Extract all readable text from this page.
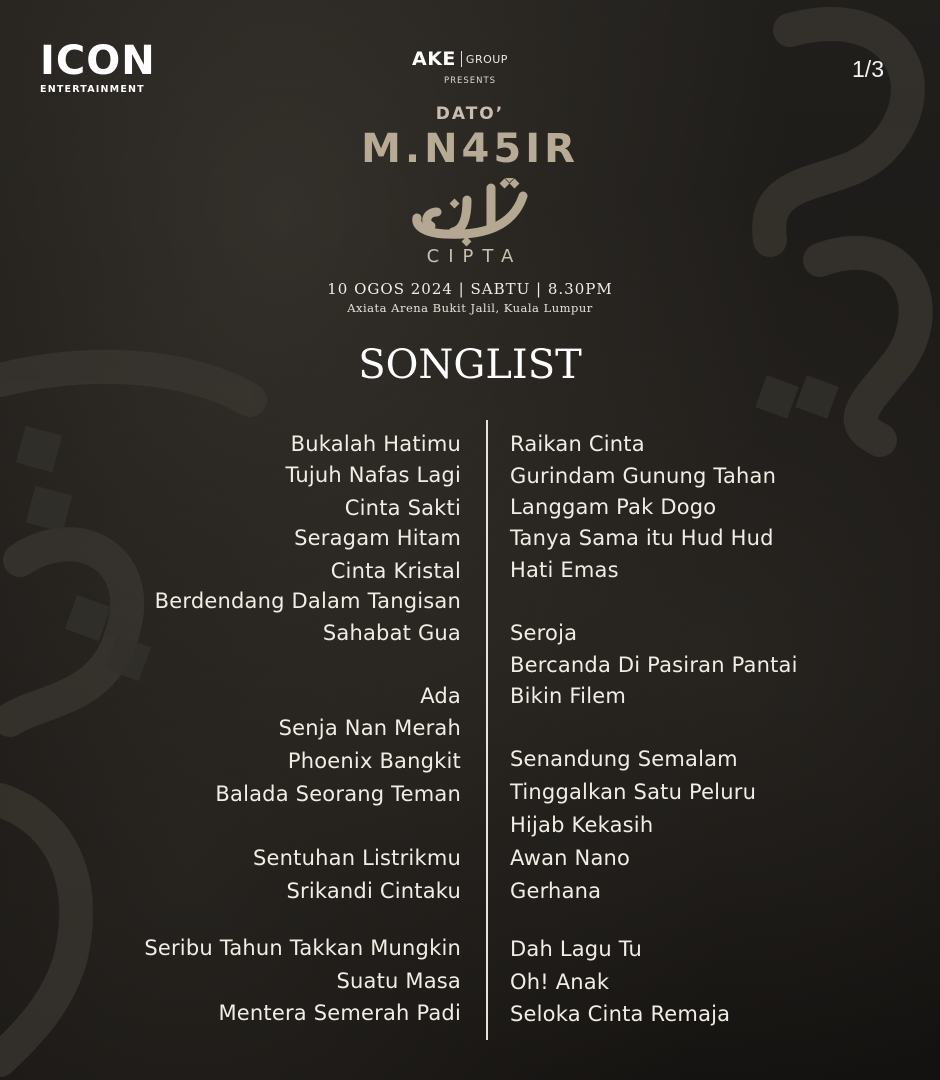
ICON
ENTERTAINMENT
1/3
AKE GROUP
PRESENTS
DATO’
M.N45IR
CIPTA
10 OGOS 2024 | SABTU | 8.30PM
Axiata Arena Bukit Jalil, Kuala Lumpur
SONGLIST
Bukalah Hatimu
Tujuh Nafas Lagi
Cinta Sakti
Seragam Hitam
Cinta Kristal
Berdendang Dalam Tangisan
Sahabat Gua
Ada
Senja Nan Merah
Phoenix Bangkit
Balada Seorang Teman
Sentuhan Listrikmu
Srikandi Cintaku
Seribu Tahun Takkan Mungkin
Suatu Masa
Mentera Semerah Padi
Raikan Cinta
Gurindam Gunung Tahan
Langgam Pak Dogo
Tanya Sama itu Hud Hud
Hati Emas
Seroja
Bercanda Di Pasiran Pantai
Bikin Filem
Senandung Semalam
Tinggalkan Satu Peluru
Hijab Kekasih
Awan Nano
Gerhana
Dah Lagu Tu
Oh! Anak
Seloka Cinta Remaja
